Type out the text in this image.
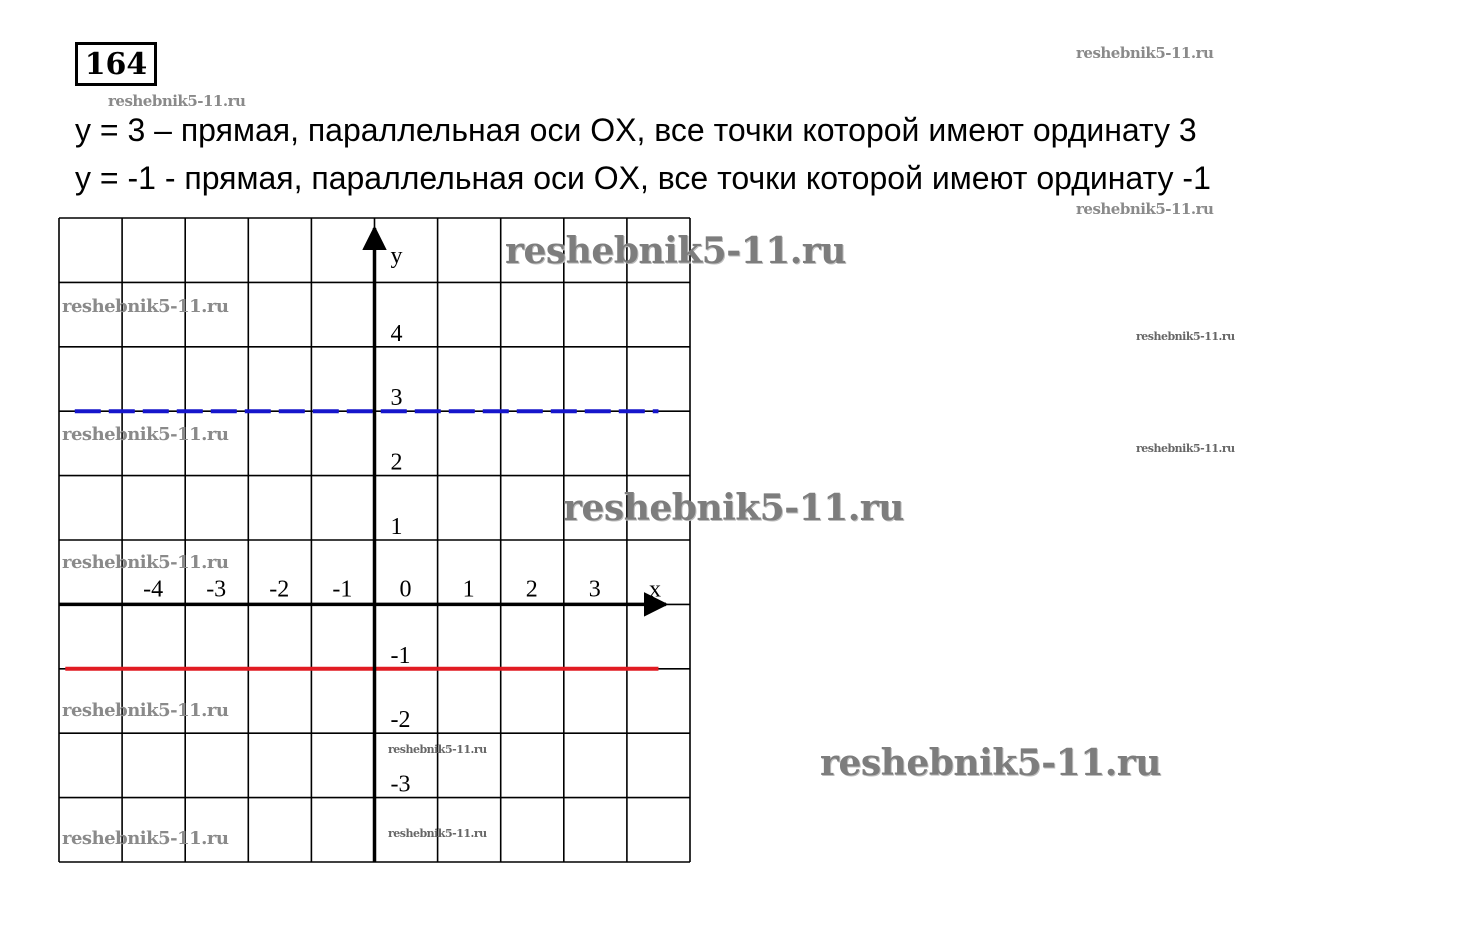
164
reshebnik5-11.ru
reshebnik5-11.ru
reshebnik5-11.ru
reshebnik5-11.ru
reshebnik5-11.ru
reshebnik5-11.ru
y = 3 – прямая, параллельная оси OX, все точки которой имеют ординату 3
y = -1 - прямая, параллельная оси OX, все точки которой имеют ординату -1
x
y
-4 -3 -2 -1 0 1 2 3
4
3
2
1
-1
-2
-3
reshebnik5-11.ru
reshebnik5-11.ru
reshebnik5-11.ru
reshebnik5-11.ru
reshebnik5-11.ru
reshebnik5-11.ru
reshebnik5-11.ru
reshebnik5-11.ru
reshebnik5-11.ru
